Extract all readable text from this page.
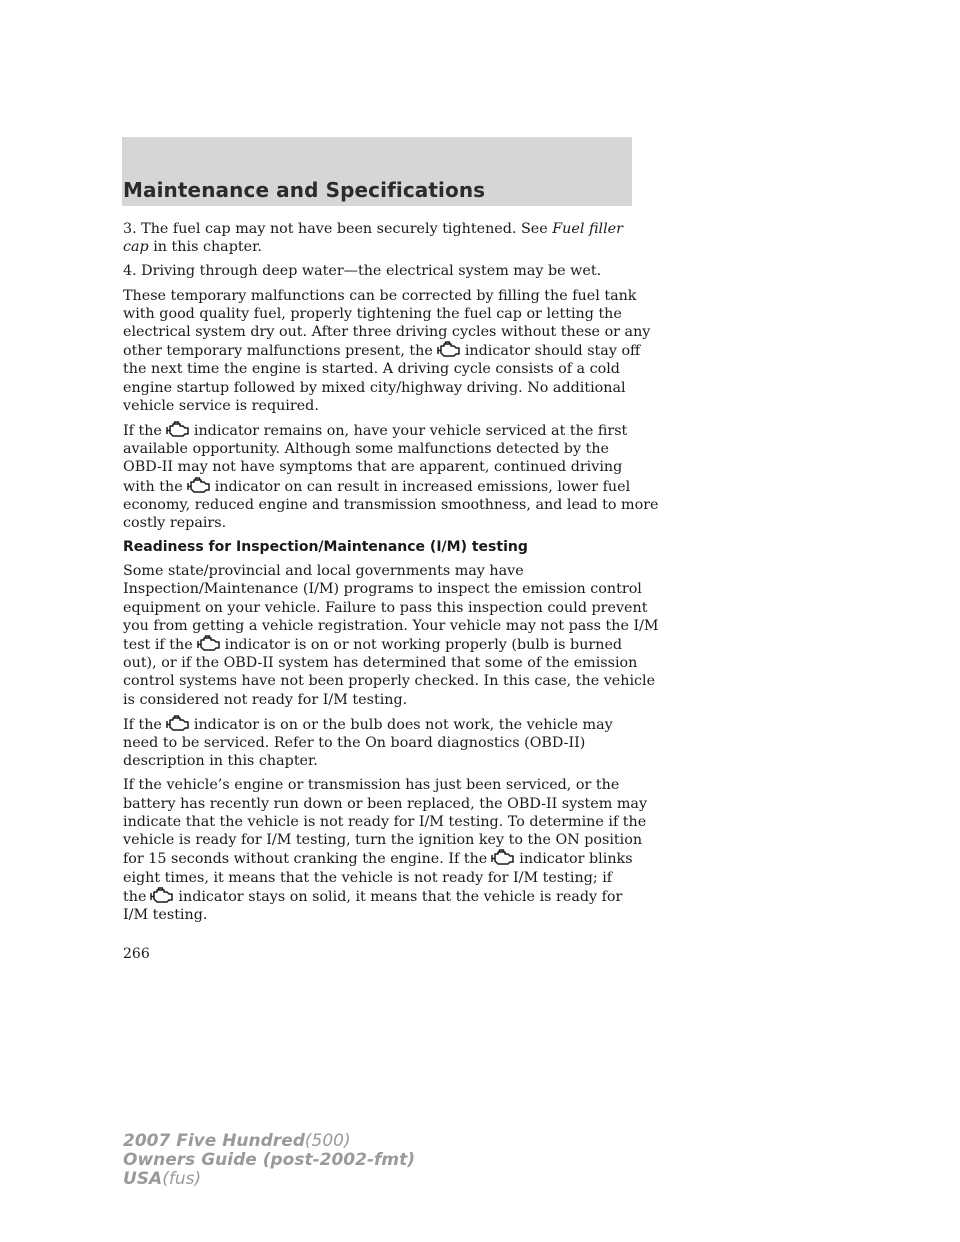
Maintenance and Specifications

3. The fuel cap may not have been securely tightened. See Fuel filler
cap in this chapter.

4. Driving through deep water—the electrical system may be wet.

These temporary malfunctions can be corrected by filling the fuel tank
with good quality fuel, properly tightening the fuel cap or letting the
electrical system dry out. After three driving cycles without these or any
other temporary malfunctions present, the indicator should stay off
the next time the engine is started. A driving cycle consists of a cold
engine startup followed by mixed city/highway driving. No additional
vehicle service is required.

If the indicator remains on, have your vehicle serviced at the first
available opportunity. Although some malfunctions detected by the
OBD-II may not have symptoms that are apparent, continued driving
with the indicator on can result in increased emissions, lower fuel
economy, reduced engine and transmission smoothness, and lead to more
costly repairs.

Readiness for Inspection/Maintenance (I/M) testing

Some state/provincial and local governments may have
Inspection/Maintenance (I/M) programs to inspect the emission control
equipment on your vehicle. Failure to pass this inspection could prevent
you from getting a vehicle registration. Your vehicle may not pass the I/M
test if the indicator is on or not working properly (bulb is burned
out), or if the OBD-II system has determined that some of the emission
control systems have not been properly checked. In this case, the vehicle
is considered not ready for I/M testing.

If the indicator is on or the bulb does not work, the vehicle may
need to be serviced. Refer to the On board diagnostics (OBD-II)
description in this chapter.

If the vehicle’s engine or transmission has just been serviced, or the
battery has recently run down or been replaced, the OBD-II system may
indicate that the vehicle is not ready for I/M testing. To determine if the
vehicle is ready for I/M testing, turn the ignition key to the ON position
for 15 seconds without cranking the engine. If the indicator blinks
eight times, it means that the vehicle is not ready for I/M testing; if
the indicator stays on solid, it means that the vehicle is ready for
I/M testing.

266
2007 Five Hundred(500)
Owners Guide (post-2002-fmt)
USA(fus)
